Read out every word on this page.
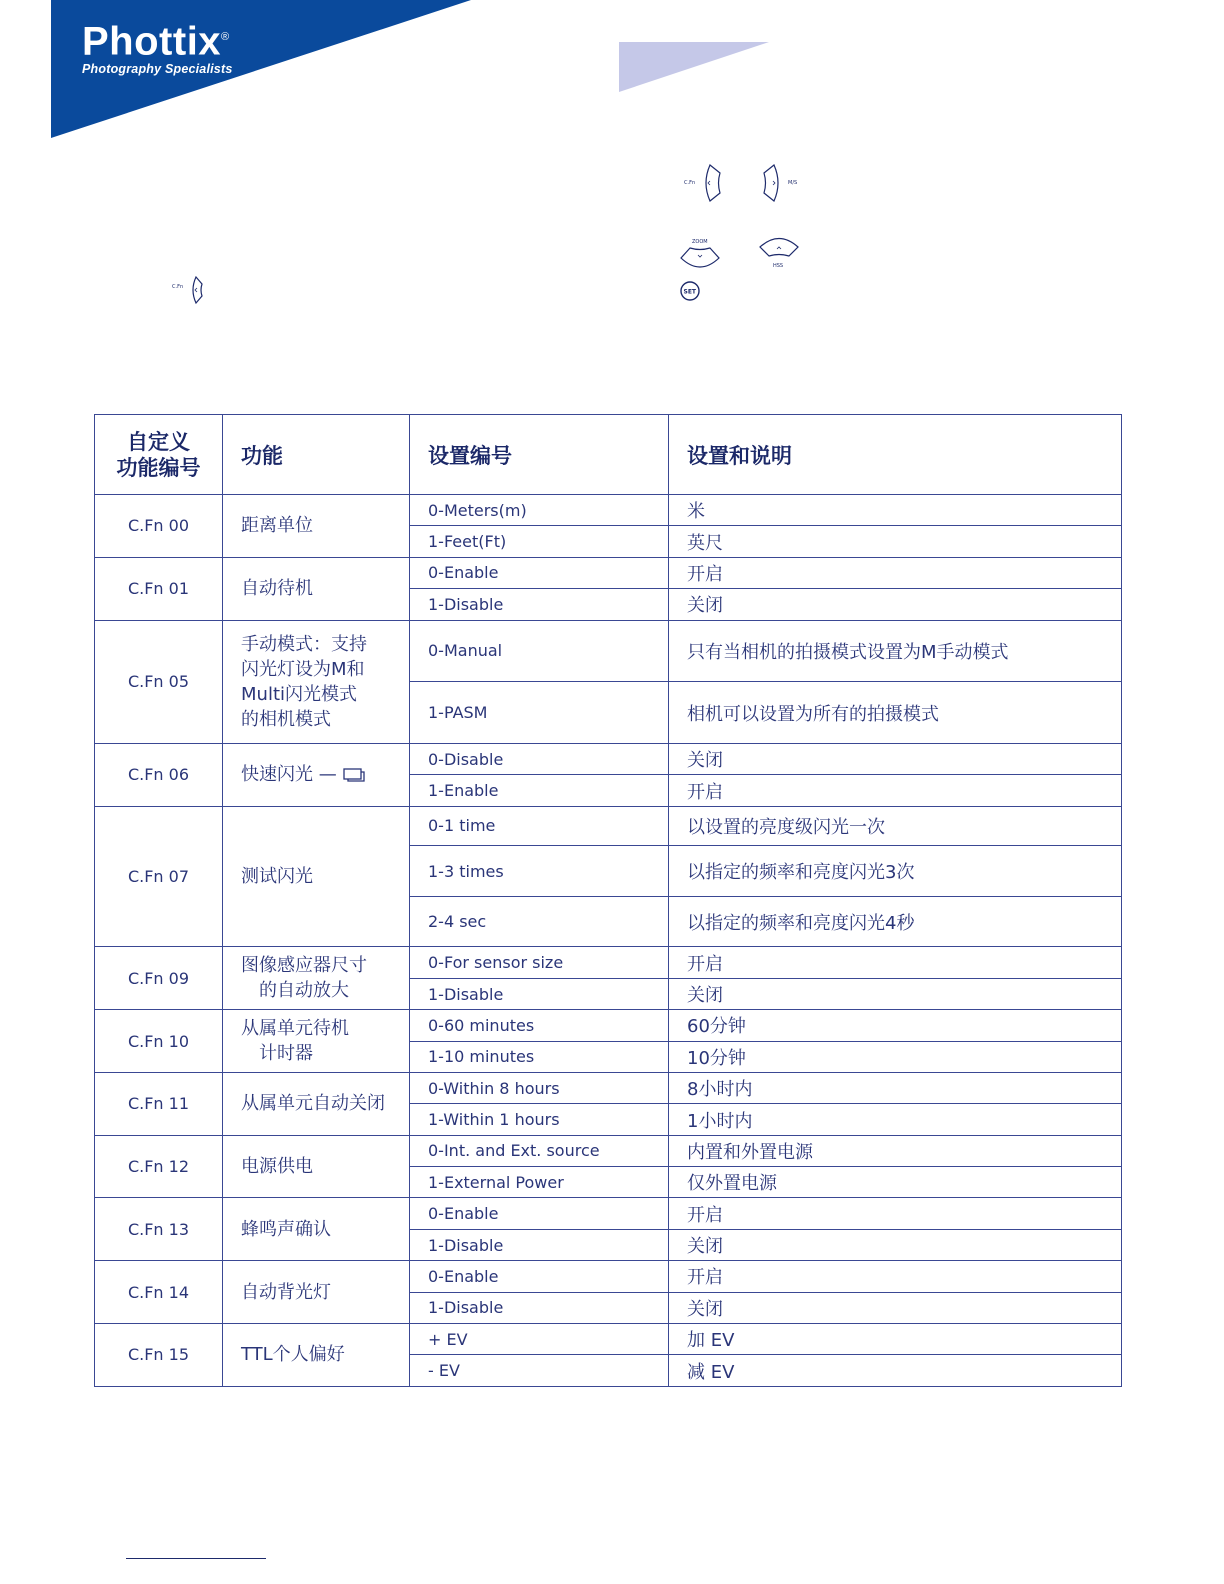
Phottix®
Photography Specialists
C.Fn
C.Fn	M/S
ZOOM
HSS
SET
自定义
功能编号	功能	设置编号	设置和说明
C.Fn 00	距离单位	0-Meters(m)	米
		1-Feet(Ft)	英尺
C.Fn 01	自动待机	0-Enable	开启
		1-Disable	关闭
C.Fn 05	手动模式：支持
闪光灯设为M和
Multi闪光模式
的相机模式	0-Manual	只有当相机的拍摄模式设置为M手动模式
		1-PASM	相机可以设置为所有的拍摄模式
C.Fn 06	快速闪光 —	0-Disable	关闭
		1-Enable	开启
C.Fn 07	测试闪光	0-1 time	以设置的亮度级闪光一次
		1-3 times	以指定的频率和亮度闪光3次
		2-4 sec	以指定的频率和亮度闪光4秒
C.Fn 09	图像感应器尺寸
的自动放大	0-For sensor size	开启
		1-Disable	关闭
C.Fn 10	从属单元待机
计时器	0-60 minutes	60分钟
		1-10 minutes	10分钟
C.Fn 11	从属单元自动关闭	0-Within 8 hours	8小时内
		1-Within 1 hours	1小时内
C.Fn 12	电源供电	0-Int. and Ext. source	内置和外置电源
		1-External Power	仅外置电源
C.Fn 13	蜂鸣声确认	0-Enable	开启
		1-Disable	关闭
C.Fn 14	自动背光灯	0-Enable	开启
		1-Disable	关闭
C.Fn 15	TTL个人偏好	+ EV	加 EV
		- EV	减 EV
